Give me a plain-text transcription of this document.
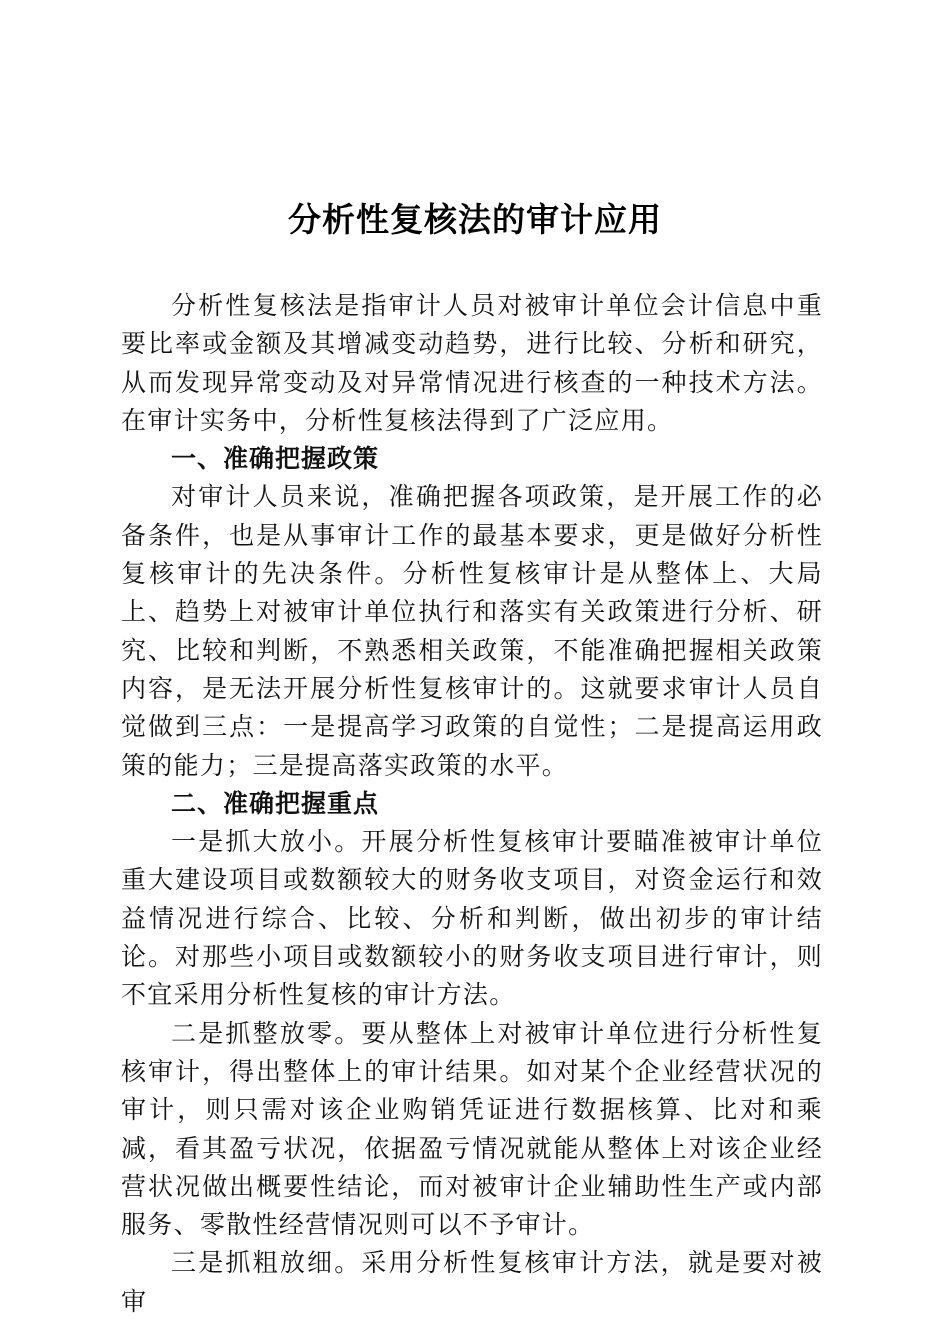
分析性复核法的审计应用

分析性复核法是指审计人员对被审计单位会计信息中重要比率或金额及其增减变动趋势，进行比较、分析和研究，从而发现异常变动及对异常情况进行核查的一种技术方法。在审计实务中，分析性复核法得到了广泛应用。

一、准确把握政策

对审计人员来说，准确把握各项政策，是开展工作的必备条件，也是从事审计工作的最基本要求，更是做好分析性复核审计的先决条件。分析性复核审计是从整体上、大局上、趋势上对被审计单位执行和落实有关政策进行分析、研究、比较和判断，不熟悉相关政策，不能准确把握相关政策内容，是无法开展分析性复核审计的。这就要求审计人员自觉做到三点：一是提高学习政策的自觉性；二是提高运用政策的能力；三是提高落实政策的水平。

二、准确把握重点

一是抓大放小。开展分析性复核审计要瞄准被审计单位重大建设项目或数额较大的财务收支项目，对资金运行和效益情况进行综合、比较、分析和判断，做出初步的审计结论。对那些小项目或数额较小的财务收支项目进行审计，则不宜采用分析性复核的审计方法。

二是抓整放零。要从整体上对被审计单位进行分析性复核审计，得出整体上的审计结果。如对某个企业经营状况的审计，则只需对该企业购销凭证进行数据核算、比对和乘减，看其盈亏状况，依据盈亏情况就能从整体上对该企业经营状况做出概要性结论，而对被审计企业辅助性生产或内部服务、零散性经营情况则可以不予审计。

三是抓粗放细。采用分析性复核审计方法，就是要对被审
